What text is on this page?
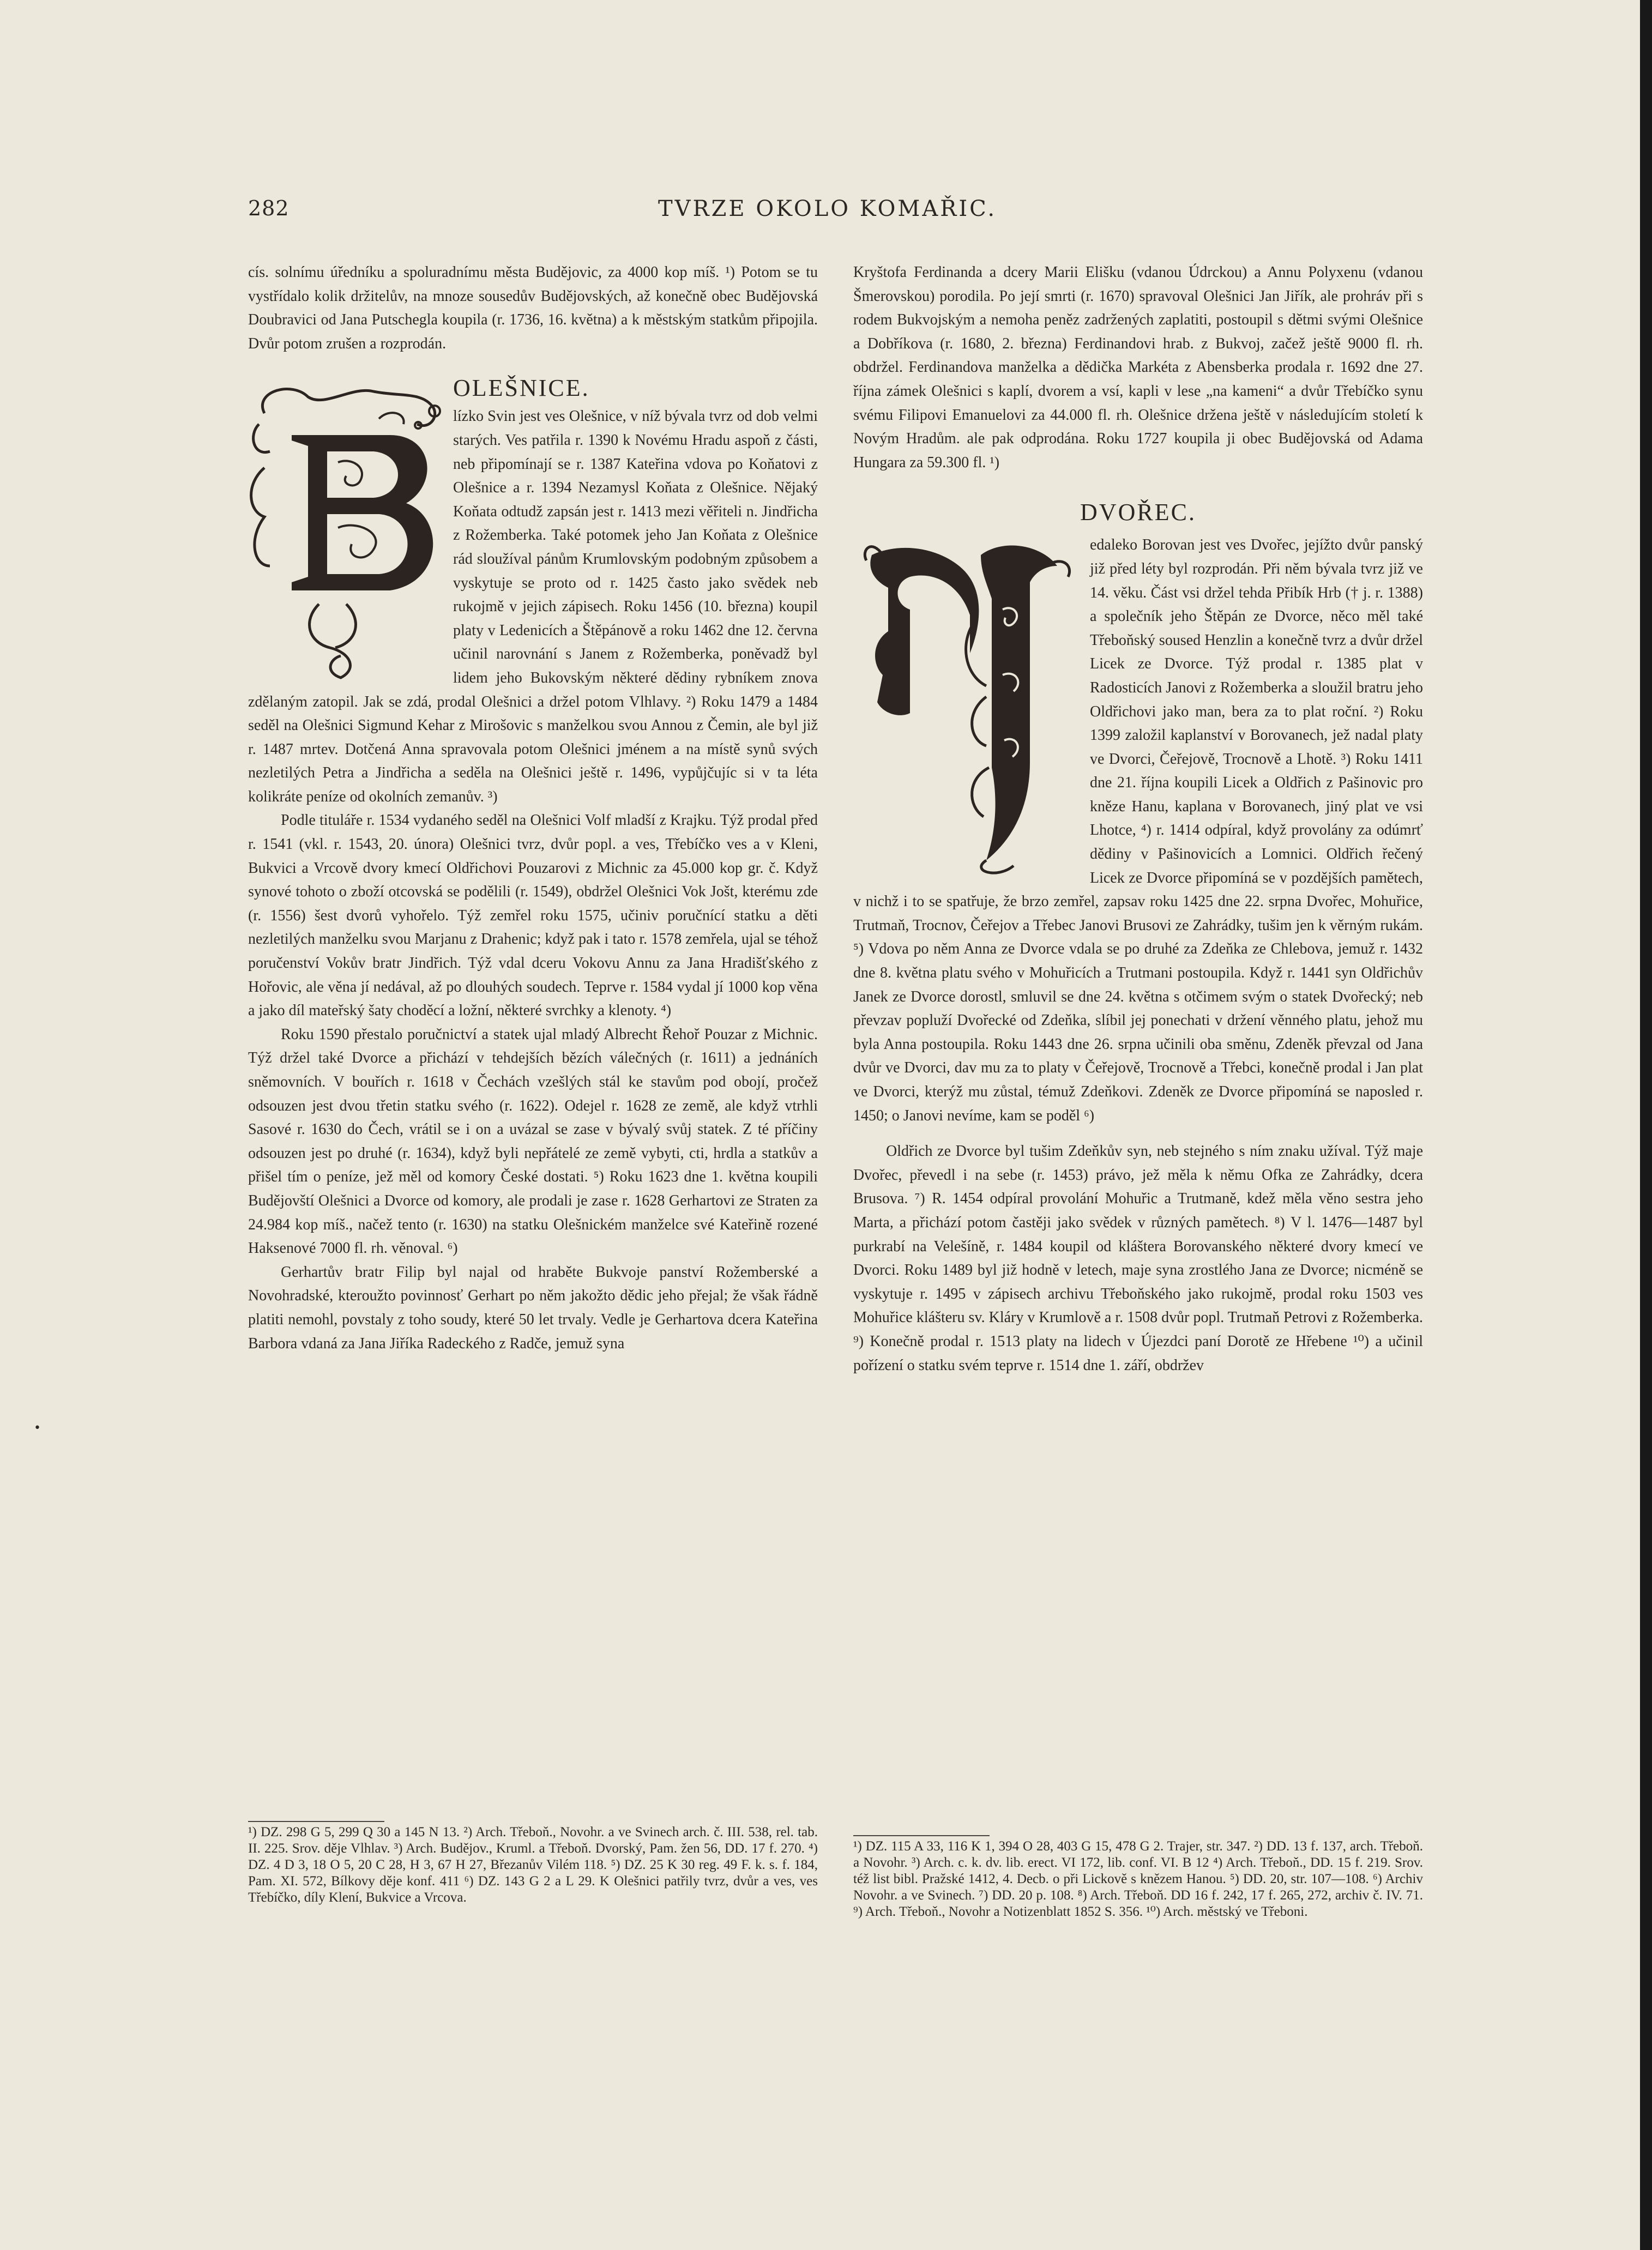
282	TVRZE OKOLO KOMAŘIC.

cís. solnímu úředníku a spoluradnímu města Budějovic, za 4000 kop míš. ¹) Potom se tu vystřídalo kolik držitelův, na mnoze sousedův Budějovských, až konečně obec Budějovská Doubravici od Jana Putschegla koupila (r. 1736, 16. května) a k městským statkům připojila. Dvůr potom zrušen a rozprodán.

OLEŠNICE.

lízko Svin jest ves Olešnice, v níž bývala tvrz od dob velmi starých. Ves patřila r. 1390 k Novému Hradu aspoň z části, neb připomínají se r. 1387 Kateřina vdova po Koňatovi z Olešnice a r. 1394 Nezamysl Koňata z Olešnice. Nějaký Koňata odtudž zapsán jest r. 1413 mezi věřiteli n. Jindřicha z Rožemberka. Také potomek jeho Jan Koňata z Olešnice rád sloužíval pánům Krumlovským podobným způsobem a vyskytuje se proto od r. 1425 často jako svědek neb rukojmě v jejich zápisech. Roku 1456 (10. března) koupil platy v Ledenicích a Štěpánově a roku 1462 dne 12. června učinil narovnání s Janem z Rožemberka, poněvadž byl lidem jeho Bukovským některé dědiny rybníkem znova zdělaným zatopil. Jak se zdá, prodal Olešnici a držel potom Vlhlavy. ²) Roku 1479 a 1484 seděl na Olešnici Sigmund Kehar z Mirošovic s manželkou svou Annou z Čemin, ale byl již r. 1487 mrtev. Dotčená Anna spravovala potom Olešnici jménem a na místě synů svých nezletilých Petra a Jindřicha a seděla na Olešnici ještě r. 1496, vypůjčujíc si v ta léta kolikráte peníze od okolních zemanův. ³)

Podle titulářе r. 1534 vydaného seděl na Olešnici Volf mladší z Krajku. Týž prodal před r. 1541 (vkl. r. 1543, 20. února) Olešnici tvrz, dvůr popl. a ves, Třebíčko ves a v Kleni, Bukvici a Vrcově dvory kmecí Oldřichovi Pouzarovi z Michnic za 45.000 kop gr. č. Když synové tohoto o zboží otcovská se podělili (r. 1549), obdržel Olešnici Vok Jošt, kterému zde (r. 1556) šest dvorů vyhořelo. Týž zemřel roku 1575, učiniv poručnící statku a děti nezletilých manželku svou Marjanu z Drahenic; když pak i tato r. 1578 zemřela, ujal se téhož poručenství Vokův bratr Jindřich. Týž vdal dceru Vokovu Annu za Jana Hradišťského z Hořovic, ale věna jí nedával, až po dlouhých soudech. Teprve r. 1584 vydal jí 1000 kop věna a jako díl mateřský šaty choděcí a ložní, některé svrchky a klenoty. ⁴)

Roku 1590 přestalo poručnictví a statek ujal mladý Albrecht Řehoř Pouzar z Michnic. Týž držel také Dvorce a přichází v tehdejších bězích válečných (r. 1611) a jednáních sněmovních. V bouřích r. 1618 v Čechách vzešlých stál ke stavům pod obojí, pročež odsouzen jest dvou třetin statku svého (r. 1622). Odejel r. 1628 ze země, ale když vtrhli Sasové r. 1630 do Čech, vrátil se i on a uvázal se zase v bývalý svůj statek. Z té příčiny odsouzen jest po druhé (r. 1634), když byli nepřátelé ze země vybyti, cti, hrdla a statkův a přišel tím o peníze, jež měl od komory České dostati. ⁵) Roku 1623 dne 1. května koupili Budějovští Olešnici a Dvorce od komory, ale prodali je zase r. 1628 Gerhartovi ze Straten za 24.984 kop míš., načež tento (r. 1630) na statku Olešnickém manželce své Kateřině rozené Haksenové 7000 fl. rh. věnoval. ⁶)

Gerhartův bratr Filip byl najal od hraběte Bukvoje panství Rožemberské a Novohradské, kteroužto povinnosť Gerhart po něm jakožto dědic jeho přejal; že však řádně platiti nemohl, povstaly z toho soudy, které 50 let trvaly. Vedle je Gerhartova dcera Kateřina Barbora vdaná za Jana Jiříka Radeckého z Radče, jemuž syna

Kryštofa Ferdinanda a dcery Marii Elišku (vdanou Údrckou) a Annu Polyxenu (vdanou Šmerovskou) porodila. Po její smrti (r. 1670) spravoval Olešnici Jan Jiřík, ale prohráv při s rodem Bukvojským a nemoha peněz zadržených zaplatiti, postoupil s dětmi svými Olešnice a Dobříkova (r. 1680, 2. března) Ferdinandovi hrab. z Bukvoj, začež ještě 9000 fl. rh. obdržel. Ferdinandova manželka a dědička Markéta z Abensberka prodala r. 1692 dne 27. října zámek Olešnici s kaplí, dvorem a vsí, kapli v lese „na kameni“ a dvůr Třebíčko synu svému Filipovi Emanuelovi za 44.000 fl. rh. Olešnice držena ještě v následujícím století k Novým Hradům. ale pak odprodána. Roku 1727 koupila ji obec Budějovská od Adama Hungara za 59.300 fl. ¹)

DVOŘEC.

edaleko Borovan jest ves Dvořec, jejížto dvůr panský již před léty byl rozprodán. Při něm bývala tvrz již ve 14. věku. Část vsi držel tehda Přibík Hrb († j. r. 1388) a společník jeho Štěpán ze Dvorce, něco měl také Třeboňský soused Henzlin a konečně tvrz a dvůr držel Licek ze Dvorce. Týž prodal r. 1385 plat v Radosticích Janovi z Rožemberka a sloužil bratru jeho Oldřichovi jako man, bera za to plat roční. ²) Roku 1399 založil kaplanství v Borovanech, jež nadal platy ve Dvorci, Čeřejově, Trocnově a Lhotě. ³) Roku 1411 dne 21. října koupili Licek a Oldřich z Pašinovic pro kněze Hanu, kaplana v Borovanech, jiný plat ve vsi Lhotce, ⁴) r. 1414 odpíral, když provolány za odúmrť dědiny v Pašinovicích a Lomnici. Oldřich řečený Licek ze Dvorce připomíná se v pozdějších pamětech, v nichž i to se spatřuje, že brzo zemřel, zapsav roku 1425 dne 22. srpna Dvořec, Mohuřice, Trutmaň, Trocnov, Čeřejov a Třebec Janovi Brusovi ze Zahrádky, tušim jen k věrným rukám. ⁵) Vdova po něm Anna ze Dvorce vdala se po druhé za Zdeňka ze Chlebova, jemuž r. 1432 dne 8. května platu svého v Mohuřicích a Trutmani postoupila. Když r. 1441 syn Oldřichův Janek ze Dvorce dorostl, smluvil se dne 24. května s otčimem svým o statek Dvořecký; neb převzav popluží Dvořecké od Zdeňka, slíbil jej ponechati v držení věnného platu, jehož mu byla Anna postoupila. Roku 1443 dne 26. srpna učinili oba směnu, Zdeněk převzal od Jana dvůr ve Dvorci, dav mu za to platy v Čeřejově, Trocnově a Třebci, konečně prodal i Jan plat ve Dvorci, kterýž mu zůstal, témuž Zdeňkovi. Zdeněk ze Dvorce připomíná se naposled r. 1450; o Janovi nevíme, kam se poděl ⁶)

Oldřich ze Dvorce byl tušim Zdeňkův syn, neb stejného s ním znaku užíval. Týž maje Dvořec, převedl i na sebe (r. 1453) právo, jež měla k němu Ofka ze Zahrádky, dcera Brusova. ⁷) R. 1454 odpíral provolání Mohuřic a Trutmaně, kdež měla věno sestra jeho Marta, a přichází potom častěji jako svědek v různých pamětech. ⁸) V l. 1476—1487 byl purkrabí na Velešíně, r. 1484 koupil od kláštera Borovanského některé dvory kmecí ve Dvorci. Roku 1489 byl již hodně v letech, maje syna zrostlého Jana ze Dvorce; nicméně se vyskytuje r. 1495 v zápisech archivu Třeboňského jako rukojmě, prodal roku 1503 ves Mohuřice klášteru sv. Kláry v Krumlově a r. 1508 dvůr popl. Trutmaň Petrovi z Rožemberka. ⁹) Konečně prodal r. 1513 platy na lidech v Újezdci paní Dorotě ze Hřebene ¹⁰) a učinil pořízení o statku svém teprve r. 1514 dne 1. září, obdržev

¹) DZ. 298 G 5, 299 Q 30 a 145 N 13. ²) Arch. Třeboň., Novohr. a ve Svinech arch. č. III. 538, rel. tab. II. 225. Srov. děje Vlhlav. ³) Arch. Budějov., Kruml. a Třeboň. Dvorský, Pam. žen 56, DD. 17 f. 270. ⁴) DZ. 4 D 3, 18 O 5, 20 C 28, H 3, 67 H 27, Březanův Vilém 118. ⁵) DZ. 25 K 30 reg. 49 F. k. s. f. 184, Pam. XI. 572, Bílkovy děje konf. 411 ⁶) DZ. 143 G 2 a L 29. K Olešnici patřily tvrz, dvůr a ves, ves Třebíčko, díly Klení, Bukvice a Vrcova.

¹) DZ. 115 A 33, 116 K 1, 394 O 28, 403 G 15, 478 G 2. Trajer, str. 347. ²) DD. 13 f. 137, arch. Třeboň. a Novohr. ³) Arch. c. k. dv. lib. erect. VI 172, lib. conf. VI. B 12 ⁴) Arch. Třeboň., DD. 15 f. 219. Srov. též list bibl. Pražské 1412, 4. Decb. o při Lickově s knězem Hanou. ⁵) DD. 20, str. 107—108. ⁶) Archiv Novohr. a ve Svinech. ⁷) DD. 20 p. 108. ⁸) Arch. Třeboň. DD 16 f. 242, 17 f. 265, 272, archiv č. IV. 71. ⁹) Arch. Třeboň., Novohr a Notizenblatt 1852 S. 356. ¹⁰) Arch. městský ve Třeboni.

•
